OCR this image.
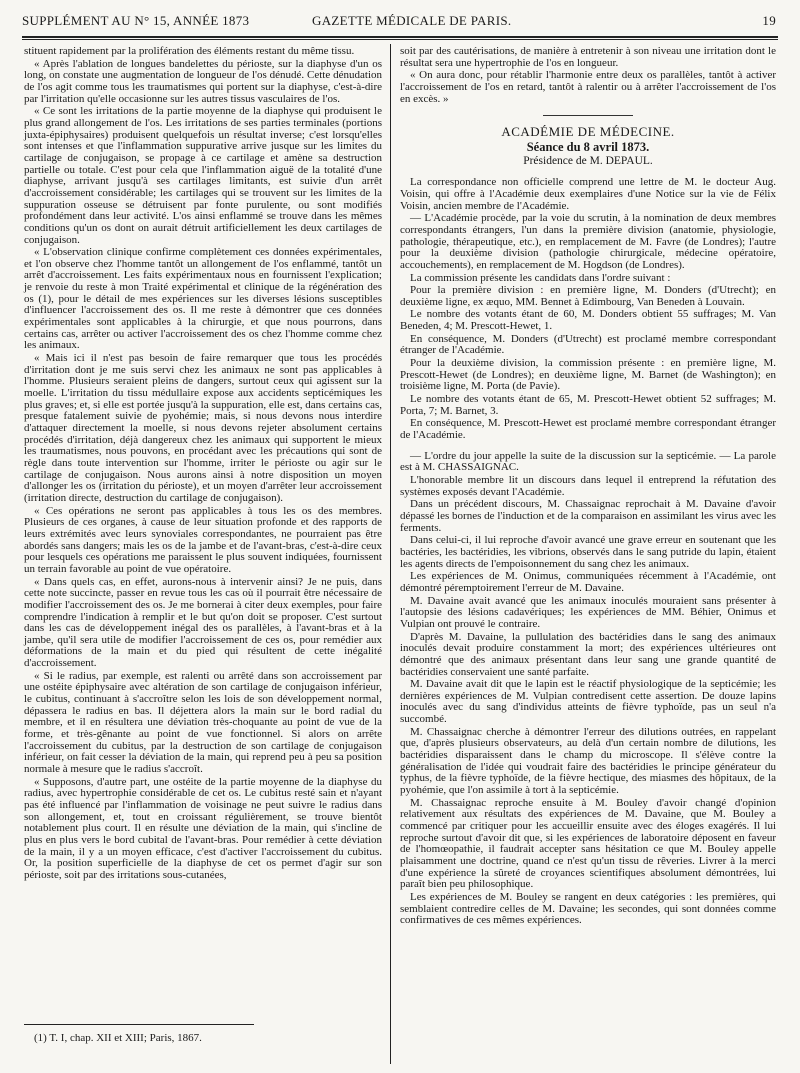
SUPPLÉMENT AU N° 15, ANNÉE 1873	GAZETTE MÉDICALE DE PARIS.	19

stituent rapidement par la prolifération des éléments restant du même tissu.

« Après l'ablation de longues bandelettes du périoste, sur la diaphyse d'un os long, on constate une augmentation de longueur de l'os dénudé. Cette dénudation de l'os agit comme tous les traumatismes qui portent sur la diaphyse, c'est-à-dire par l'irritation qu'elle occasionne sur les autres tissus vasculaires de l'os.

« Ce sont les irritations de la partie moyenne de la diaphyse qui produisent le plus grand allongement de l'os. Les irritations de ses parties terminales (portions juxta-épiphysaires) produisent quelquefois un résultat inverse; c'est lorsqu'elles sont intenses et que l'inflammation suppurative arrive jusque sur les limites du cartilage de conjugaison, se propage à ce cartilage et amène sa destruction partielle ou totale. C'est pour cela que l'inflammation aiguë de la totalité d'une diaphyse, arrivant jusqu'à ses cartilages limitants, est suivie d'un arrêt d'accroissement considérable; les cartilages qui se trouvent sur les limites de la suppuration osseuse se détruisent par fonte purulente, ou sont modifiés profondément dans leur activité. L'os ainsi enflammé se trouve dans les mêmes conditions qu'un os dont on aurait détruit artificiellement les deux cartilages de conjugaison.

« L'observation clinique confirme complètement ces données expérimentales, et l'on observe chez l'homme tantôt un allongement de l'os enflammé, tantôt un arrêt d'accroissement. Les faits expérimentaux nous en fournissent l'explication; je renvoie du reste à mon Traité expérimental et clinique de la régénération des os (1), pour le détail de mes expériences sur les diverses lésions susceptibles d'influencer l'accroissement des os. Il me reste à démontrer que ces données expérimentales sont applicables à la chirurgie, et que nous pourrons, dans certains cas, arrêter ou activer l'accroissement des os chez l'homme comme chez les animaux.

« Mais ici il n'est pas besoin de faire remarquer que tous les procédés d'irritation dont je me suis servi chez les animaux ne sont pas applicables à l'homme. Plusieurs seraient pleins de dangers, surtout ceux qui agissent sur la moelle. L'irritation du tissu médullaire expose aux accidents septicémiques les plus graves; et, si elle est portée jusqu'à la suppuration, elle est, dans certains cas, presque fatalement suivie de pyohémie; mais, si nous devons nous interdire d'attaquer directement la moelle, si nous devons rejeter absolument certains procédés d'irritation, déjà dangereux chez les animaux qui supportent le mieux les traumatismes, nous pouvons, en procédant avec les précautions qui sont de règle dans toute intervention sur l'homme, irriter le périoste ou agir sur le cartilage de conjugaison. Nous aurons ainsi à notre disposition un moyen d'allonger les os (irritation du périoste), et un moyen d'arrêter leur accroissement (irritation directe, destruction du cartilage de conjugaison).

« Ces opérations ne seront pas applicables à tous les os des membres. Plusieurs de ces organes, à cause de leur situation profonde et des rapports de leurs extrémités avec leurs synoviales correspondantes, ne pourraient pas être abordés sans dangers; mais les os de la jambe et de l'avant-bras, c'est-à-dire ceux pour lesquels ces opérations me paraissent le plus souvent indiquées, fournissent un terrain favorable au point de vue opératoire.

« Dans quels cas, en effet, aurons-nous à intervenir ainsi? Je ne puis, dans cette note succincte, passer en revue tous les cas où il pourrait être nécessaire de modifier l'accroissement des os. Je me bornerai à citer deux exemples, pour faire comprendre l'indication à remplir et le but qu'on doit se proposer. C'est surtout dans les cas de développement inégal des os parallèles, à l'avant-bras et à la jambe, qu'il sera utile de modifier l'accroissement de ces os, pour remédier aux déformations de la main et du pied qui résultent de cette inégalité d'accroissement.

« Si le radius, par exemple, est ralenti ou arrêté dans son accroissement par une ostéite épiphysaire avec altération de son cartilage de conjugaison inférieur, le cubitus, continuant à s'accroître selon les lois de son développement normal, dépassera le radius en bas. Il déjettera alors la main sur le bord radial du membre, et il en résultera une déviation très-choquante au point de vue de la forme, et très-gênante au point de vue fonctionnel. Si alors on arrête l'accroissement du cubitus, par la destruction de son cartilage de conjugaison inférieur, on fait cesser la déviation de la main, qui reprend peu à peu sa position normale à mesure que le radius s'accroît.

« Supposons, d'autre part, une ostéite de la partie moyenne de la diaphyse du radius, avec hypertrophie considérable de cet os. Le cubitus resté sain et n'ayant pas été influencé par l'inflammation de voisinage ne peut suivre le radius dans son allongement, et, tout en croissant régulièrement, se trouve bientôt notablement plus court. Il en résulte une déviation de la main, qui s'incline de plus en plus vers le bord cubital de l'avant-bras. Pour remédier à cette déviation de la main, il y a un moyen efficace, c'est d'activer l'accroissement du cubitus. Or, la position superficielle de la diaphyse de cet os permet d'agir sur son périoste, soit par des irritations sous-cutanées,

(1) T. I, chap. XII et XIII; Paris, 1867.

soit par des cautérisations, de manière à entretenir à son niveau une irritation dont le résultat sera une hypertrophie de l'os en longueur.

« On aura donc, pour rétablir l'harmonie entre deux os parallèles, tantôt à activer l'accroissement de l'os en retard, tantôt à ralentir ou à arrêter l'accroissement de l'os en excès. »

ACADÉMIE DE MÉDECINE.
Séance du 8 avril 1873.
Présidence de M. DEPAUL.

La correspondance non officielle comprend une lettre de M. le docteur Aug. Voisin, qui offre à l'Académie deux exemplaires d'une Notice sur la vie de Félix Voisin, ancien membre de l'Académie.

— L'Académie procède, par la voie du scrutin, à la nomination de deux membres correspondants étrangers, l'un dans la première division (anatomie, physiologie, pathologie, thérapeutique, etc.), en remplacement de M. Favre (de Londres); l'autre pour la deuxième division (pathologie chirurgicale, médecine opératoire, accouchements), en remplacement de M. Hogdson (de Londres).

La commission présente les candidats dans l'ordre suivant :

Pour la première division : en première ligne, M. Donders (d'Utrecht); en deuxième ligne, ex æquo, MM. Bennet à Edimbourg, Van Beneden à Louvain.

Le nombre des votants étant de 60, M. Donders obtient 55 suffrages; M. Van Beneden, 4; M. Prescott-Hewet, 1.

En conséquence, M. Donders (d'Utrecht) est proclamé membre correspondant étranger de l'Académie.

Pour la deuxième division, la commission présente : en première ligne, M. Prescott-Hewet (de Londres); en deuxième ligne, M. Barnet (de Washington); en troisième ligne, M. Porta (de Pavie).

Le nombre des votants étant de 65, M. Prescott-Hewet obtient 52 suffrages; M. Porta, 7; M. Barnet, 3.

En conséquence, M. Prescott-Hewet est proclamé membre correspondant étranger de l'Académie.

— L'ordre du jour appelle la suite de la discussion sur la septicémie. — La parole est à M. CHASSAIGNAC.

L'honorable membre lit un discours dans lequel il entreprend la réfutation des systèmes exposés devant l'Académie.

Dans un précédent discours, M. Chassaignac reprochait à M. Davaine d'avoir dépassé les bornes de l'induction et de la comparaison en assimilant les virus avec les ferments.

Dans celui-ci, il lui reproche d'avoir avancé une grave erreur en soutenant que les bactéries, les bactéridies, les vibrions, observés dans le sang putride du lapin, étaient les agents directs de l'empoisonnement du sang chez les animaux.

Les expériences de M. Onimus, communiquées récemment à l'Académie, ont démontré péremptoirement l'erreur de M. Davaine.

M. Davaine avait avancé que les animaux inoculés mouraient sans présenter à l'autopsie des lésions cadavériques; les expériences de MM. Béhier, Onimus et Vulpian ont prouvé le contraire.

D'après M. Davaine, la pullulation des bactéridies dans le sang des animaux inoculés devait produire constamment la mort; des expériences ultérieures ont démontré que des animaux présentant dans leur sang une grande quantité de bactéridies conservaient une santé parfaite.

M. Davaine avait dit que le lapin est le réactif physiologique de la septicémie; les dernières expériences de M. Vulpian contredisent cette assertion. De douze lapins inoculés avec du sang d'individus atteints de fièvre typhoïde, pas un seul n'a succombé.

M. Chassaignac cherche à démontrer l'erreur des dilutions outrées, en rappelant que, d'après plusieurs observateurs, au delà d'un certain nombre de dilutions, les bactéridies disparaissent dans le champ du microscope. Il s'élève contre la généralisation de l'idée qui voudrait faire des bactéridies le principe générateur du typhus, de la fièvre typhoïde, de la fièvre hectique, des miasmes des hôpitaux, de la pyohémie, que l'on assimile à tort à la septicémie.

M. Chassaignac reproche ensuite à M. Bouley d'avoir changé d'opinion relativement aux résultats des expériences de M. Davaine, que M. Bouley a commencé par critiquer pour les accueillir ensuite avec des éloges exagérés. Il lui reproche surtout d'avoir dit que, si les expériences de laboratoire déposent en faveur de l'homœopathie, il faudrait accepter sans hésitation ce que M. Bouley appelle plaisamment une doctrine, quand ce n'est qu'un tissu de rêveries. Livrer à la merci d'une expérience la sûreté de croyances scientifiques absolument démontrées, lui paraît bien peu philosophique.

Les expériences de M. Bouley se rangent en deux catégories : les premières, qui semblaient contredire celles de M. Davaine; les secondes, qui sont données comme confirmatives de ces mêmes expériences.
